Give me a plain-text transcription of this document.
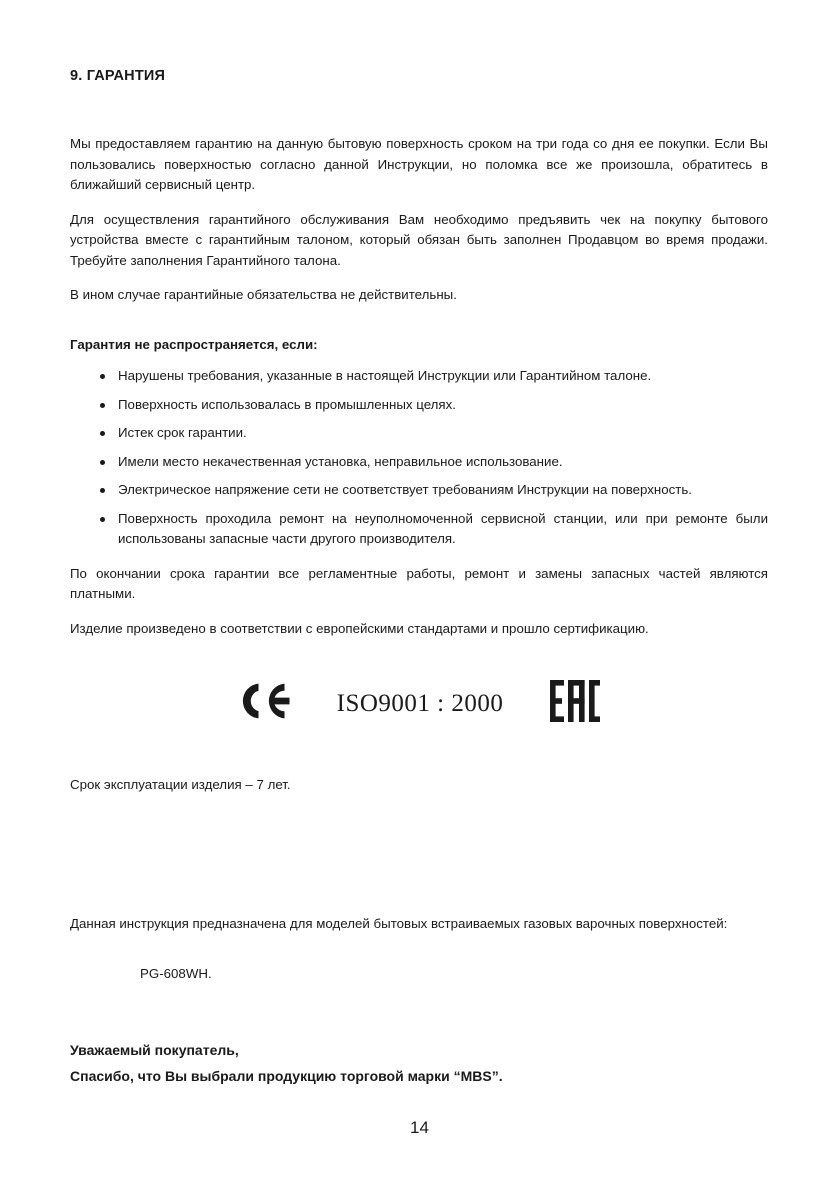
9. ГАРАНТИЯ

Мы предоставляем гарантию на данную бытовую поверхность сроком на три года со дня ее покупки. Если Вы пользовались поверхностью согласно данной Инструкции, но поломка все же произошла, обратитесь в ближайший сервисный центр.

Для осуществления гарантийного обслуживания Вам необходимо предъявить чек на покупку бытового устройства вместе с гарантийным талоном, который обязан быть заполнен Продавцом во время продажи. Требуйте заполнения Гарантийного талона.

В ином случае гарантийные обязательства не действительны.

Гарантия не распространяется, если:

Нарушены требования, указанные в настоящей Инструкции или Гарантийном талоне.
Поверхность использовалась в промышленных целях.
Истек срок гарантии.
Имели место некачественная установка, неправильное использование.
Электрическое напряжение сети не соответствует требованиям Инструкции на поверхность.
Поверхность проходила ремонт на неуполномоченной сервисной станции, или при ремонте были использованы запасные части другого производителя.

По окончании срока гарантии все регламентные работы, ремонт и замены запасных частей являются платными.

Изделие произведено в соответствии с европейскими стандартами и прошло сертификацию.

ISO9001 : 2000

Срок эксплуатации изделия – 7 лет.

Данная инструкция предназначена для моделей бытовых встраиваемых газовых варочных поверхностей:

PG-608WH.

Уважаемый покупатель,

Спасибо, что Вы выбрали продукцию торговой марки “MBS”.

14
